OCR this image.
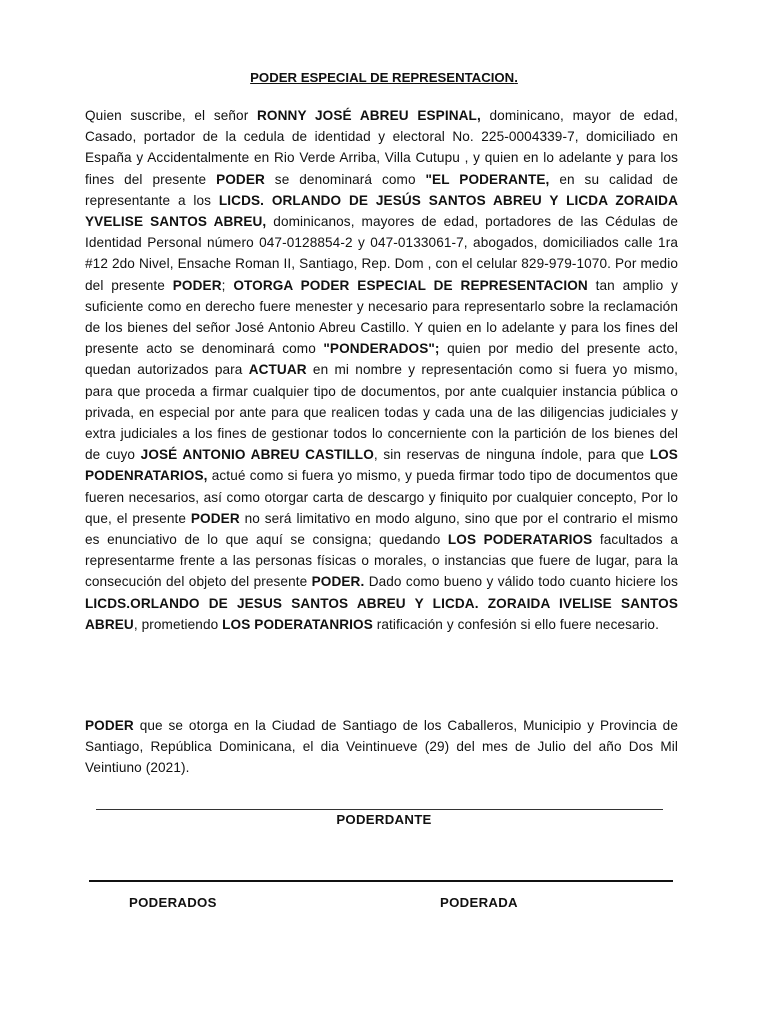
PODER ESPECIAL DE REPRESENTACION.

Quien suscribe, el señor RONNY JOSÉ ABREU ESPINAL, dominicano, mayor de edad, Casado, portador de la cedula de identidad y electoral No. 225-0004339-7, domiciliado en España y Accidentalmente en Rio Verde Arriba, Villa Cutupu , y quien en lo adelante y para los fines del presente PODER se denominará como "EL PODERANTE, en su calidad de representante a los LICDS. ORLANDO DE JESÚS SANTOS ABREU Y LICDA ZORAIDA YVELISE SANTOS ABREU, dominicanos, mayores de edad, portadores de las Cédulas de Identidad Personal número 047-0128854-2 y 047-0133061-7, abogados, domiciliados calle 1ra #12 2do Nivel, Ensache Roman II, Santiago, Rep. Dom , con el celular 829-979-1070. Por medio del presente PODER; OTORGA PODER ESPECIAL DE REPRESENTACION tan amplio y suficiente como en derecho fuere menester y necesario para representarlo sobre la reclamación de los bienes del señor José Antonio Abreu Castillo. Y quien en lo adelante y para los fines del presente acto se denominará como "PONDERADOS"; quien por medio del presente acto, quedan autorizados para ACTUAR en mi nombre y representación como si fuera yo mismo, para que proceda a firmar cualquier tipo de documentos, por ante cualquier instancia pública o privada, en especial por ante para que realicen todas y cada una de las diligencias judiciales y extra judiciales a los fines de gestionar todos lo concerniente con la partición de los bienes del de cuyo JOSÉ ANTONIO ABREU CASTILLO, sin reservas de ninguna índole, para que LOS PODENRATARIOS, actué como si fuera yo mismo, y pueda firmar todo tipo de documentos que fueren necesarios, así como otorgar carta de descargo y finiquito por cualquier concepto, Por lo que, el presente PODER no será limitativo en modo alguno, sino que por el contrario el mismo es enunciativo de lo que aquí se consigna; quedando LOS PODERATARIOS facultados a representarme frente a las personas físicas o morales, o instancias que fuere de lugar, para la consecución del objeto del presente PODER. Dado como bueno y válido todo cuanto hiciere los LICDS.ORLANDO DE JESUS SANTOS ABREU Y LICDA. ZORAIDA IVELISE SANTOS ABREU, prometiendo LOS PODERATANRIOS ratificación y confesión si ello fuere necesario.

PODER que se otorga en la Ciudad de Santiago de los Caballeros, Municipio y Provincia de Santiago, República Dominicana, el dia Veintinueve (29) del mes de Julio del año Dos Mil Veintiuno (2021).

PODERDANTE
PODERADOS	PODERADA
